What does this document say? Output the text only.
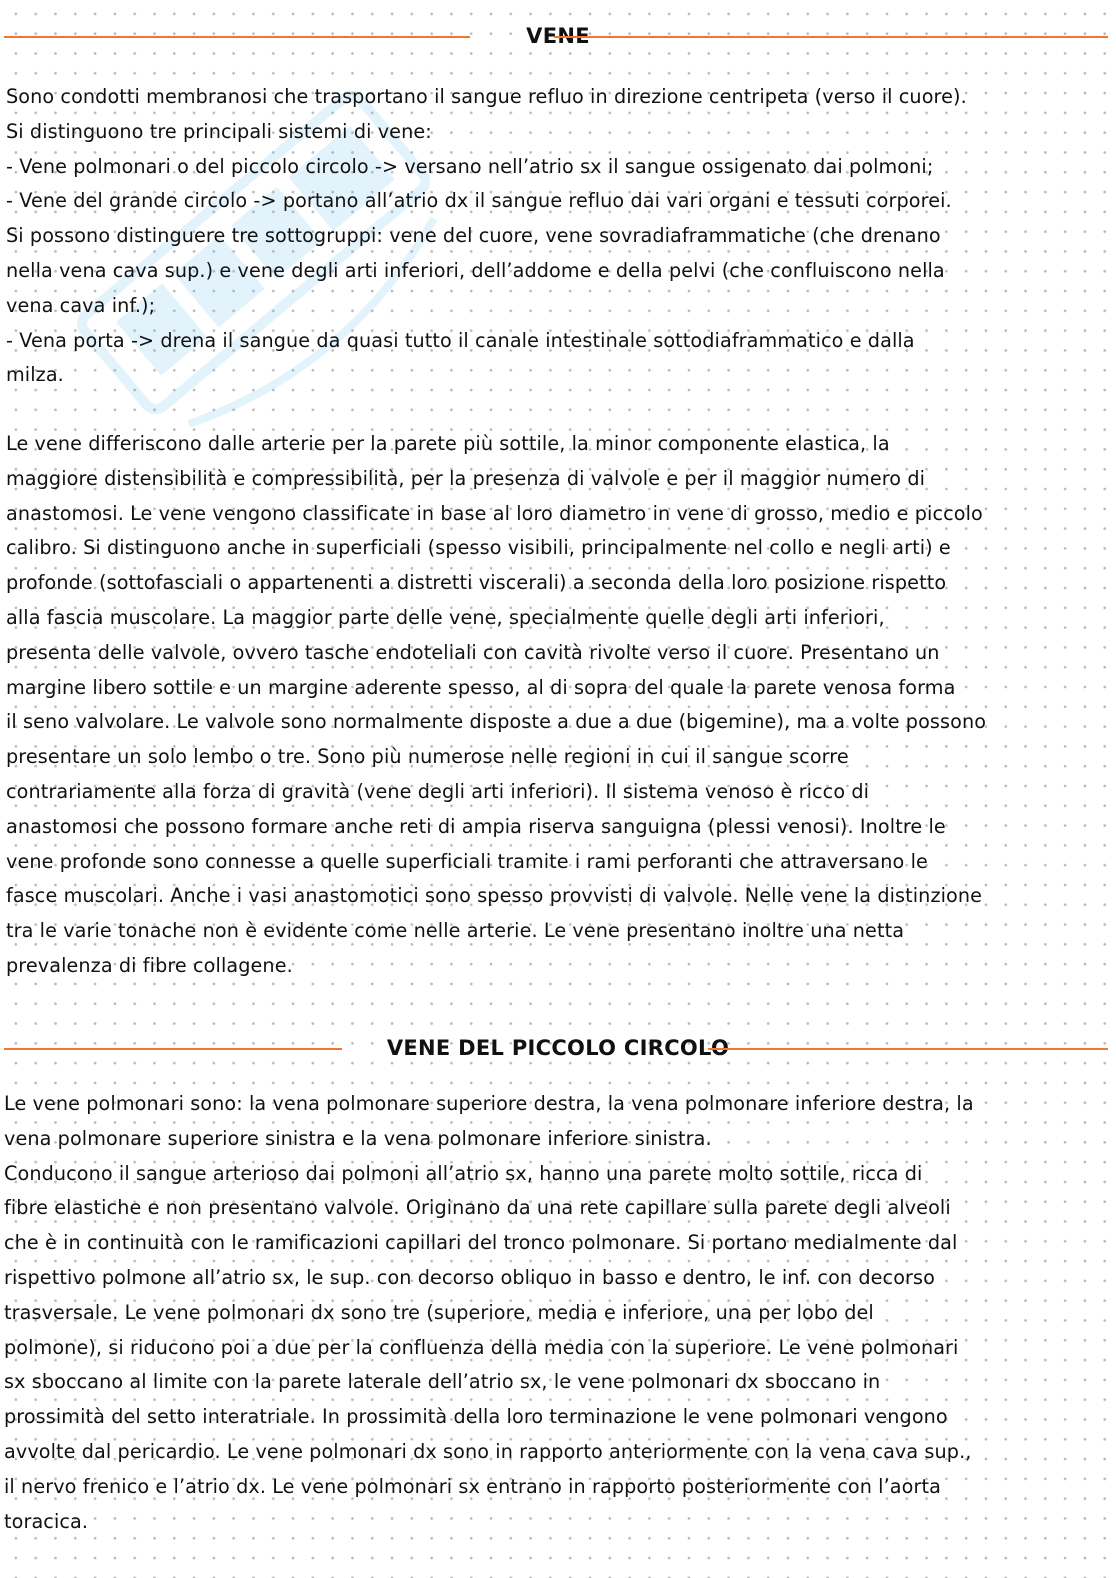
VENE
Sono condotti membranosi che trasportano il sangue refluo in direzione centripeta (verso il cuore).
Si distinguono tre principali sistemi di vene:
- Vene polmonari o del piccolo circolo -> versano nell’atrio sx il sangue ossigenato dai polmoni;
- Vene del grande circolo -> portano all’atrio dx il sangue refluo dai vari organi e tessuti corporei.
Si possono distinguere tre sottogruppi: vene del cuore, vene sovradiaframmatiche (che drenano
nella vena cava sup.) e vene degli arti inferiori, dell’addome e della pelvi (che confluiscono nella
vena cava inf.);
- Vena porta -> drena il sangue da quasi tutto il canale intestinale sottodiaframmatico e dalla
milza.
Le vene differiscono dalle arterie per la parete più sottile, la minor componente elastica, la
maggiore distensibilità e compressibilità, per la presenza di valvole e per il maggior numero di
anastomosi. Le vene vengono classificate in base al loro diametro in vene di grosso, medio e piccolo
calibro. Si distinguono anche in superficiali (spesso visibili, principalmente nel collo e negli arti) e
profonde (sottofasciali o appartenenti a distretti viscerali) a seconda della loro posizione rispetto
alla fascia muscolare. La maggior parte delle vene, specialmente quelle degli arti inferiori,
presenta delle valvole, ovvero tasche endoteliali con cavità rivolte verso il cuore. Presentano un
margine libero sottile e un margine aderente spesso, al di sopra del quale la parete venosa forma
il seno valvolare. Le valvole sono normalmente disposte a due a due (bigemine), ma a volte possono
presentare un solo lembo o tre. Sono più numerose nelle regioni in cui il sangue scorre
contrariamente alla forza di gravità (vene degli arti inferiori). Il sistema venoso è ricco di
anastomosi che possono formare anche reti di ampia riserva sanguigna (plessi venosi). Inoltre le
vene profonde sono connesse a quelle superficiali tramite i rami perforanti che attraversano le
fasce muscolari. Anche i vasi anastomotici sono spesso provvisti di valvole. Nelle vene la distinzione
tra le varie tonache non è evidente come nelle arterie. Le vene presentano inoltre una netta
prevalenza di fibre collagene.
VENE DEL PICCOLO CIRCOLO
Le vene polmonari sono: la vena polmonare superiore destra, la vena polmonare inferiore destra, la
vena polmonare superiore sinistra e la vena polmonare inferiore sinistra.
Conducono il sangue arterioso dai polmoni all’atrio sx, hanno una parete molto sottile, ricca di
fibre elastiche e non presentano valvole. Originano da una rete capillare sulla parete degli alveoli
che è in continuità con le ramificazioni capillari del tronco polmonare. Si portano medialmente dal
rispettivo polmone all’atrio sx, le sup. con decorso obliquo in basso e dentro, le inf. con decorso
trasversale. Le vene polmonari dx sono tre (superiore, media e inferiore, una per lobo del
polmone), si riducono poi a due per la confluenza della media con la superiore. Le vene polmonari
sx sboccano al limite con la parete laterale dell’atrio sx, le vene polmonari dx sboccano in
prossimità del setto interatriale. In prossimità della loro terminazione le vene polmonari vengono
avvolte dal pericardio. Le vene polmonari dx sono in rapporto anteriormente con la vena cava sup.,
il nervo frenico e l’atrio dx. Le vene polmonari sx entrano in rapporto posteriormente con l’aorta
toracica.
